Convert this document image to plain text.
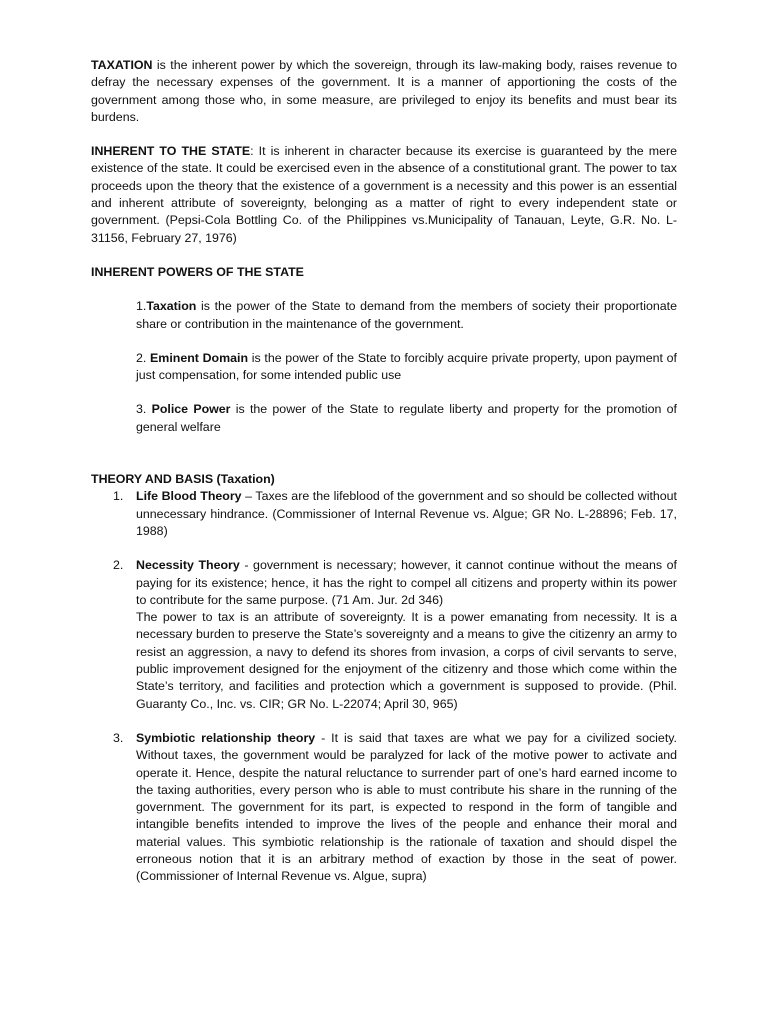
TAXATION is the inherent power by which the sovereign, through its law-making body, raises revenue to defray the necessary expenses of the government. It is a manner of apportioning the costs of the government among those who, in some measure, are privileged to enjoy its benefits and must bear its burdens.

INHERENT TO THE STATE: It is inherent in character because its exercise is guaranteed by the mere existence of the state. It could be exercised even in the absence of a constitutional grant. The power to tax proceeds upon the theory that the existence of a government is a necessity and this power is an essential and inherent attribute of sovereignty, belonging as a matter of right to every independent state or government. (Pepsi-Cola Bottling Co. of the Philippines vs.Municipality of Tanauan, Leyte, G.R. No. L-31156, February 27, 1976)

INHERENT POWERS OF THE STATE

1.Taxation is the power of the State to demand from the members of society their proportionate share or contribution in the maintenance of the government.

2. Eminent Domain is the power of the State to forcibly acquire private property, upon payment of just compensation, for some intended public use

3. Police Power is the power of the State to regulate liberty and property for the promotion of general welfare

THEORY AND BASIS (Taxation)

1. Life Blood Theory – Taxes are the lifeblood of the government and so should be collected without unnecessary hindrance. (Commissioner of Internal Revenue vs. Algue; GR No. L-28896; Feb. 17, 1988)

2. Necessity Theory - government is necessary; however, it cannot continue without the means of paying for its existence; hence, it has the right to compel all citizens and property within its power to contribute for the same purpose. (71 Am. Jur. 2d 346)

The power to tax is an attribute of sovereignty. It is a power emanating from necessity. It is a necessary burden to preserve the State’s sovereignty and a means to give the citizenry an army to resist an aggression, a navy to defend its shores from invasion, a corps of civil servants to serve, public improvement designed for the enjoyment of the citizenry and those which come within the State’s territory, and facilities and protection which a government is supposed to provide. (Phil. Guaranty Co., Inc. vs. CIR; GR No. L-22074; April 30, 965)

3. Symbiotic relationship theory - It is said that taxes are what we pay for a civilized society. Without taxes, the government would be paralyzed for lack of the motive power to activate and operate it. Hence, despite the natural reluctance to surrender part of one’s hard earned income to the taxing authorities, every person who is able to must contribute his share in the running of the government. The government for its part, is expected to respond in the form of tangible and intangible benefits intended to improve the lives of the people and enhance their moral and material values. This symbiotic relationship is the rationale of taxation and should dispel the erroneous notion that it is an arbitrary method of exaction by those in the seat of power. (Commissioner of Internal Revenue vs. Algue, supra)
